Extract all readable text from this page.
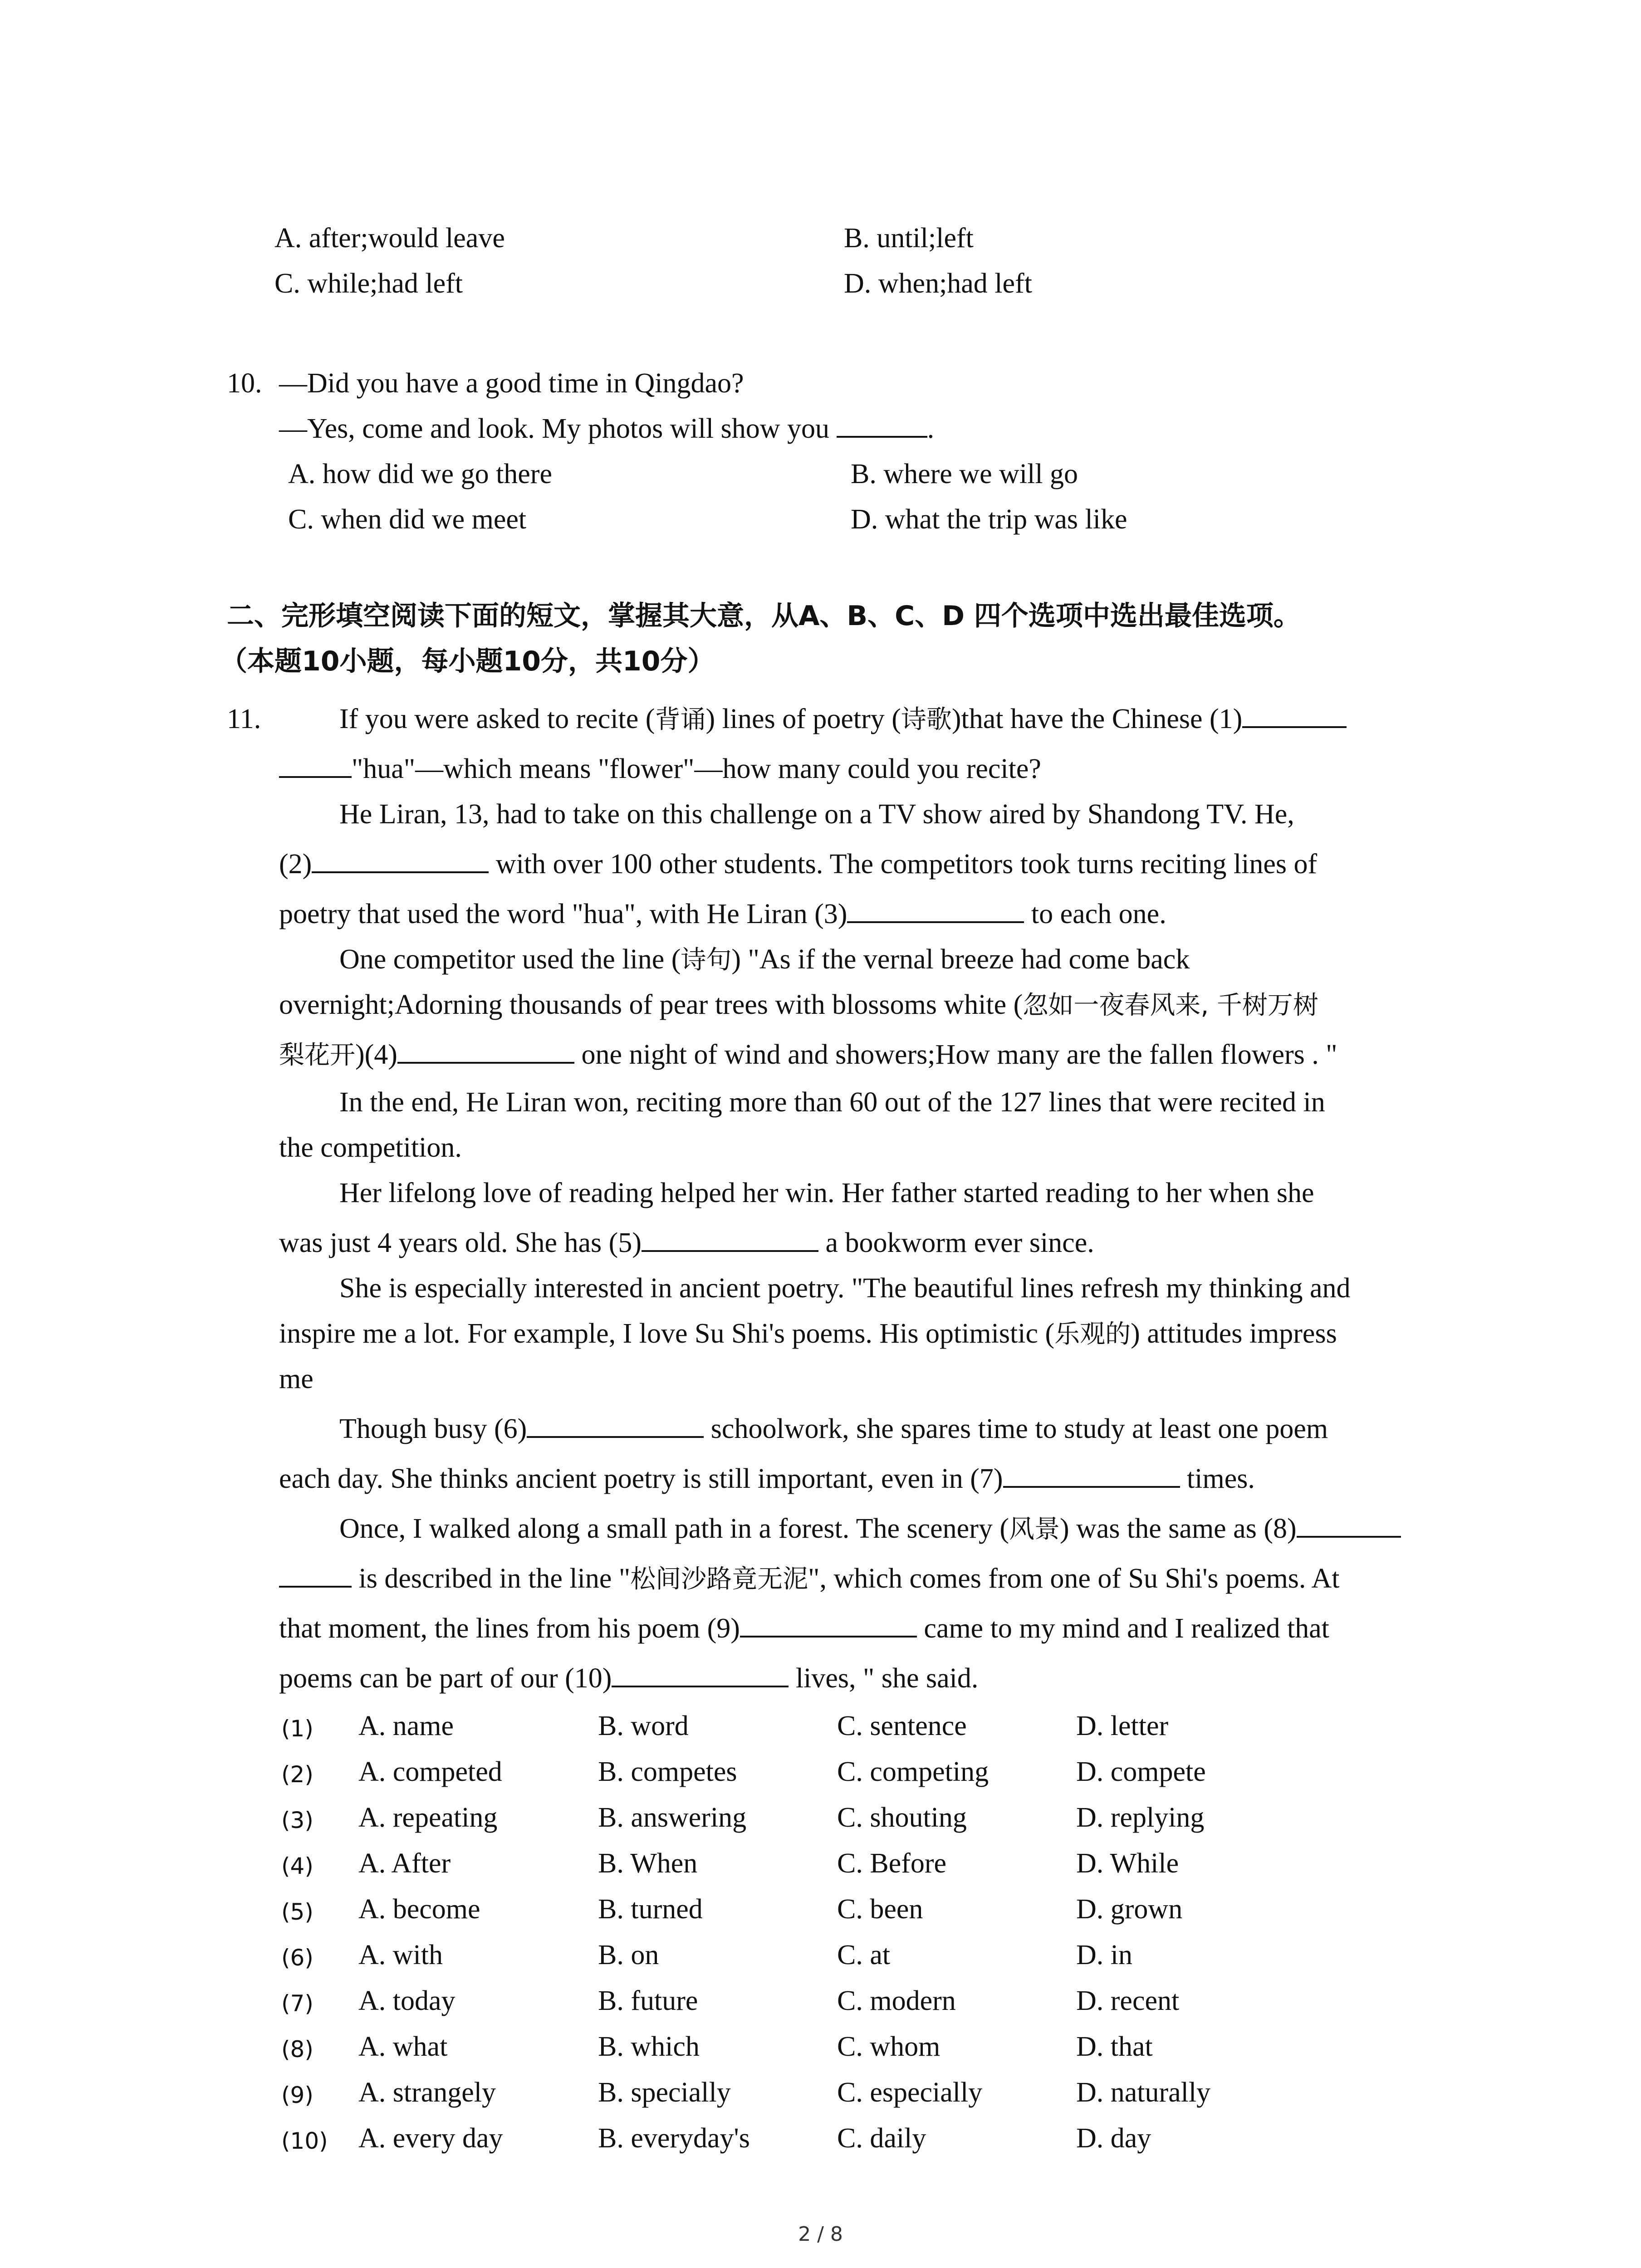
A. after;would leave	B. until;left
C. while;had left	D. when;had left
10. —Did you have a good time in Qingdao?
—Yes, come and look. My photos will show you	.
A. how did we go there	B. where we will go
C. when did we meet	D. what the trip was like
二、完形填空阅读下面的短文，掌握其大意，从A、B、C、D 四个选项中选出最佳选项。
（本题10小题，每小题10分，共10分）
11.	If you were asked to recite (背诵) lines of poetry (诗歌)that have the Chinese (1)
"hua"—which means "flower"—how many could you recite?
He Liran, 13, had to take on this challenge on a TV show aired by Shandong TV. He,
(2)	with over 100 other students. The competitors took turns reciting lines of
poetry that used the word "hua", with He Liran (3)	to each one.
One competitor used the line (诗句) "As if the vernal breeze had come back
overnight;Adorning thousands of pear trees with blossoms white (忽如一夜春风来, 千树万树
梨花开)(4)	one night of wind and showers;How many are the fallen flowers . "
In the end, He Liran won, reciting more than 60 out of the 127 lines that were recited in
the competition.
Her lifelong love of reading helped her win. Her father started reading to her when she
was just 4 years old. She has (5)	a bookworm ever since.
She is especially interested in ancient poetry. "The beautiful lines refresh my thinking and
inspire me a lot. For example, I love Su Shi's poems. His optimistic (乐观的) attitudes impress
me
Though busy (6)	schoolwork, she spares time to study at least one poem
each day. She thinks ancient poetry is still important, even in (7)	times.
Once, I walked along a small path in a forest. The scenery (风景) was the same as (8)
is described in the line "松间沙路竟无泥", which comes from one of Su Shi's poems. At
that moment, the lines from his poem (9)	came to my mind and I realized that
poems can be part of our (10)	lives, " she said.
(1) A. name	B. word	C. sentence	D. letter
(2) A. competed	B. competes	C. competing	D. compete
(3) A. repeating	B. answering	C. shouting	D. replying
(4) A. After	B. When	C. Before	D. While
(5) A. become	B. turned	C. been	D. grown
(6) A. with	B. on	C. at	D. in
(7) A. today	B. future	C. modern	D. recent
(8) A. what	B. which	C. whom	D. that
(9) A. strangely	B. specially	C. especially	D. naturally
(10) A. every day	B. everyday's	C. daily	D. day
2 / 8
